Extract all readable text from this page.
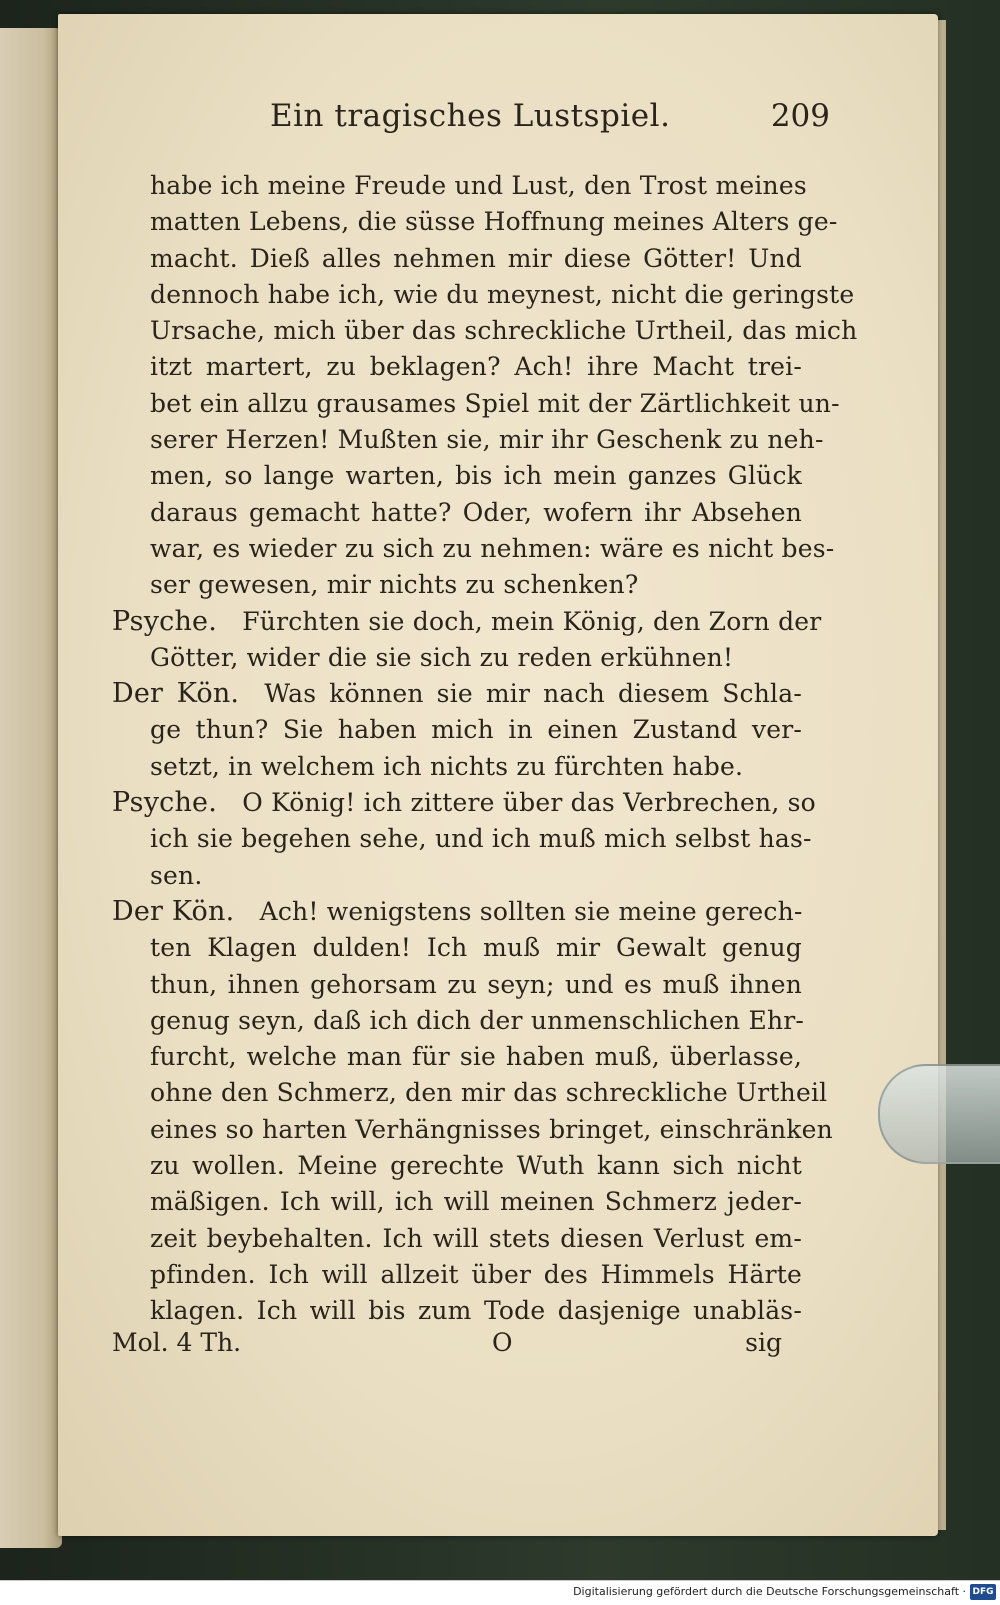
Ein tragisches Lustspiel.	209
habe ich meine Freude und Lust, den Trost meines
matten Lebens, die süsse Hoffnung meines Alters ge-
macht. Dieß alles nehmen mir diese Götter! Und
dennoch habe ich, wie du meynest, nicht die geringste
Ursache, mich über das schreckliche Urtheil, das mich
itzt martert, zu beklagen? Ach! ihre Macht trei-
bet ein allzu grausames Spiel mit der Zärtlichkeit un-
serer Herzen! Mußten sie, mir ihr Geschenk zu neh-
men, so lange warten, bis ich mein ganzes Glück
daraus gemacht hatte? Oder, wofern ihr Absehen
war, es wieder zu sich zu nehmen: wäre es nicht bes-
ser gewesen, mir nichts zu schenken?
Psyche.  Fürchten sie doch, mein König, den Zorn der
Götter, wider die sie sich zu reden erkühnen!
Der Kön.  Was können sie mir nach diesem Schla-
ge thun? Sie haben mich in einen Zustand ver-
setzt, in welchem ich nichts zu fürchten habe.
Psyche.  O König! ich zittere über das Verbrechen, so
ich sie begehen sehe, und ich muß mich selbst has-
sen.
Der Kön.  Ach! wenigstens sollten sie meine gerech-
ten Klagen dulden! Ich muß mir Gewalt genug
thun, ihnen gehorsam zu seyn; und es muß ihnen
genug seyn, daß ich dich der unmenschlichen Ehr-
furcht, welche man für sie haben muß, überlasse,
ohne den Schmerz, den mir das schreckliche Urtheil
eines so harten Verhängnisses bringet, einschränken
zu wollen. Meine gerechte Wuth kann sich nicht
mäßigen. Ich will, ich will meinen Schmerz jeder-
zeit beybehalten. Ich will stets diesen Verlust em-
pfinden. Ich will allzeit über des Himmels Härte
klagen. Ich will bis zum Tode dasjenige unabläs-
Mol. 4 Th.	O	sig
Digitalisierung gefördert durch die Deutsche Forschungsgemeinschaft · DFG
